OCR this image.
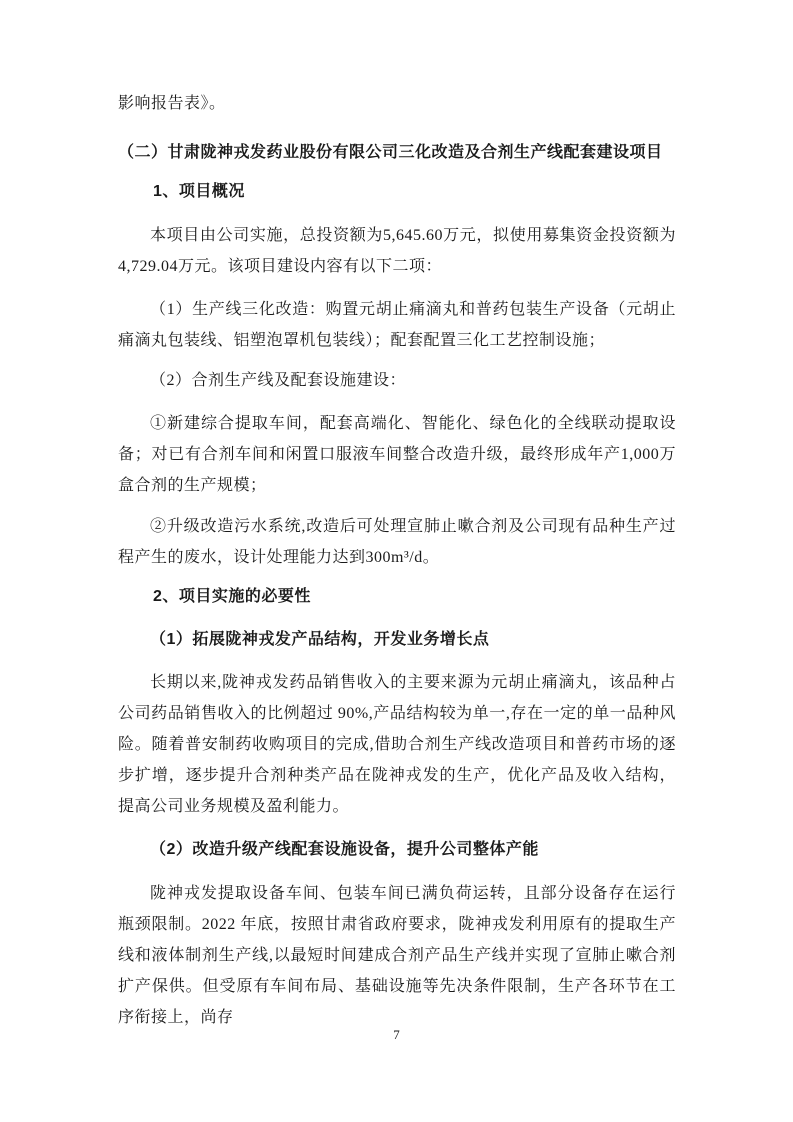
影响报告表》。

（二）甘肃陇神戎发药业股份有限公司三化改造及合剂生产线配套建设项目

1、项目概况

本项目由公司实施，总投资额为5,645.60万元，拟使用募集资金投资额为4,729.04万元。该项目建设内容有以下二项：

（1）生产线三化改造：购置元胡止痛滴丸和普药包装生产设备（元胡止痛滴丸包装线、铝塑泡罩机包装线）；配套配置三化工艺控制设施；

（2）合剂生产线及配套设施建设：

①新建综合提取车间，配套高端化、智能化、绿色化的全线联动提取设备；对已有合剂车间和闲置口服液车间整合改造升级，最终形成年产1,000万盒合剂的生产规模；

②升级改造污水系统,改造后可处理宣肺止嗽合剂及公司现有品种生产过程产生的废水，设计处理能力达到300m³/d。

2、项目实施的必要性

（1）拓展陇神戎发产品结构，开发业务增长点

长期以来,陇神戎发药品销售收入的主要来源为元胡止痛滴丸，该品种占公司药品销售收入的比例超过 90%,产品结构较为单一,存在一定的单一品种风险。随着普安制药收购项目的完成,借助合剂生产线改造项目和普药市场的逐步扩增，逐步提升合剂种类产品在陇神戎发的生产，优化产品及收入结构，提高公司业务规模及盈利能力。

（2）改造升级产线配套设施设备，提升公司整体产能

陇神戎发提取设备车间、包装车间已满负荷运转，且部分设备存在运行瓶颈限制。2022 年底，按照甘肃省政府要求，陇神戎发利用原有的提取生产线和液体制剂生产线,以最短时间建成合剂产品生产线并实现了宣肺止嗽合剂扩产保供。但受原有车间布局、基础设施等先决条件限制，生产各环节在工序衔接上，尚存

7
